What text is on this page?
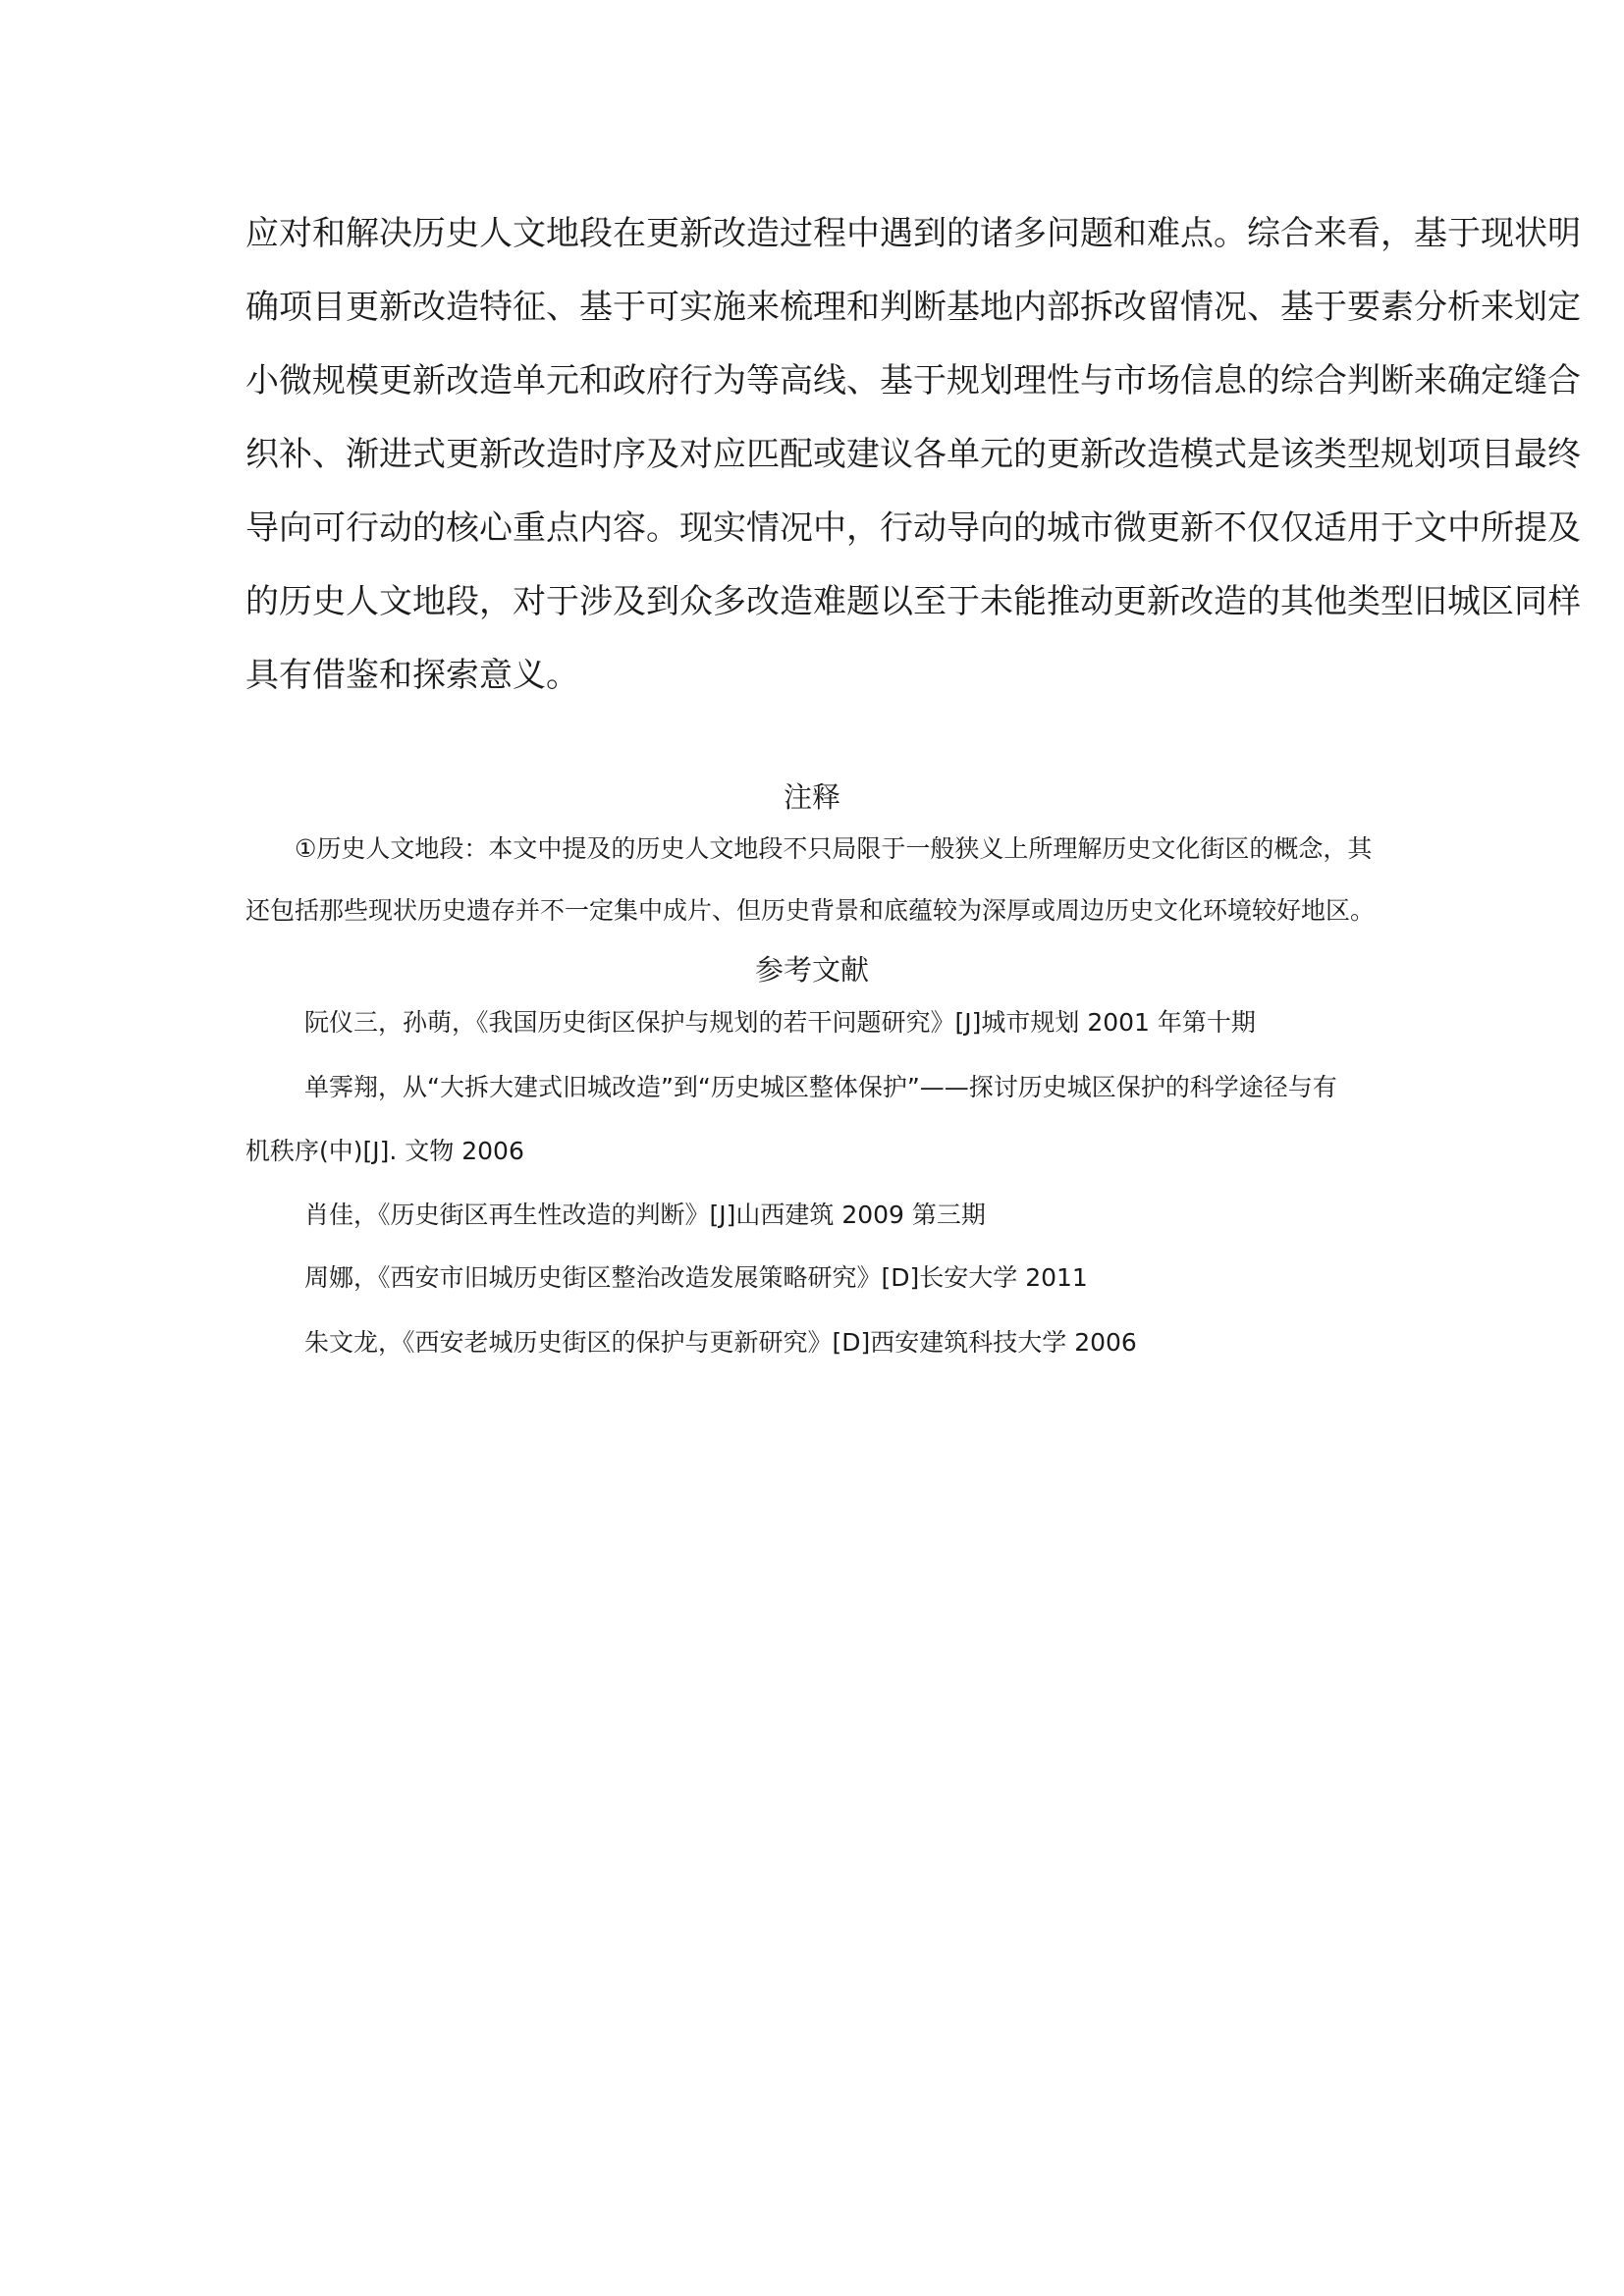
应对和解决历史人文地段在更新改造过程中遇到的诸多问题和难点。综合来看，基于现状明
确项目更新改造特征、基于可实施来梳理和判断基地内部拆改留情况、基于要素分析来划定
小微规模更新改造单元和政府行为等高线、基于规划理性与市场信息的综合判断来确定缝合
织补、渐进式更新改造时序及对应匹配或建议各单元的更新改造模式是该类型规划项目最终
导向可行动的核心重点内容。现实情况中，行动导向的城市微更新不仅仅适用于文中所提及
的历史人文地段，对于涉及到众多改造难题以至于未能推动更新改造的其他类型旧城区同样
具有借鉴和探索意义。
注释
①历史人文地段：本文中提及的历史人文地段不只局限于一般狭义上所理解历史文化街区的概念，其
还包括那些现状历史遗存并不一定集中成片、但历史背景和底蕴较为深厚或周边历史文化环境较好地区。
参考文献
阮仪三，孙萌，《我国历史街区保护与规划的若干问题研究》[J]城市规划 2001 年第十期
单霁翔，从“大拆大建式旧城改造”到“历史城区整体保护”——探讨历史城区保护的科学途径与有
机秩序(中)[J]. 文物 2006
肖佳，《历史街区再生性改造的判断》[J]山西建筑 2009 第三期
周娜，《西安市旧城历史街区整治改造发展策略研究》[D]长安大学 2011
朱文龙，《西安老城历史街区的保护与更新研究》[D]西安建筑科技大学 2006
